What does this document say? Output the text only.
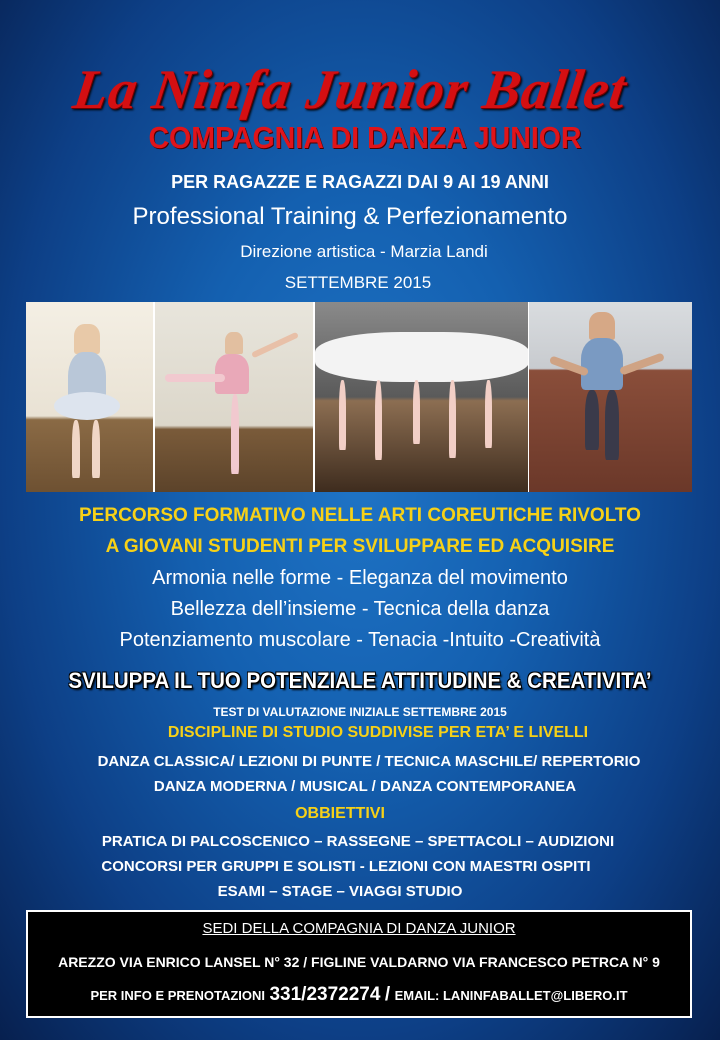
La Ninfa Junior Ballet
COMPAGNIA DI DANZA JUNIOR
PER RAGAZZE E RAGAZZI DAI 9 AI 19 ANNI
Professional Training & Perfezionamento
Direzione artistica - Marzia Landi
SETTEMBRE 2015
PERCORSO FORMATIVO NELLE ARTI COREUTICHE RIVOLTO
A GIOVANI STUDENTI PER SVILUPPARE ED ACQUISIRE
Armonia nelle forme - Eleganza del movimento
Bellezza dell’insieme - Tecnica della danza
Potenziamento muscolare - Tenacia -Intuito -Creatività
SVILUPPA IL TUO POTENZIALE ATTITUDINE & CREATIVITA’
TEST DI VALUTAZIONE INIZIALE SETTEMBRE 2015
DISCIPLINE DI STUDIO SUDDIVISE PER ETA’ E LIVELLI
DANZA CLASSICA/ LEZIONI DI PUNTE / TECNICA MASCHILE/ REPERTORIO
DANZA MODERNA / MUSICAL / DANZA CONTEMPORANEA
OBBIETTIVI
PRATICA DI PALCOSCENICO – RASSEGNE – SPETTACOLI – AUDIZIONI
CONCORSI PER GRUPPI E SOLISTI - LEZIONI CON MAESTRI OSPITI
ESAMI – STAGE – VIAGGI STUDIO
SEDI DELLA COMPAGNIA DI DANZA JUNIOR
AREZZO VIA ENRICO LANSEL N° 32 / FIGLINE VALDARNO VIA FRANCESCO PETRCA N° 9
PER INFO E PRENOTAZIONI 331/2372274 / EMAIL: LANINFABALLET@LIBERO.IT
